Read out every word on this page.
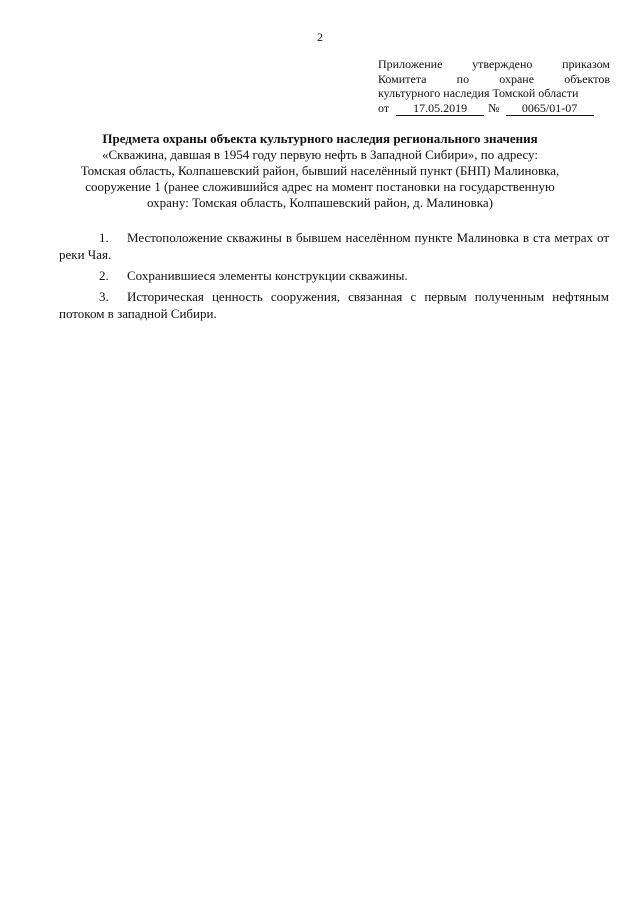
2
Приложение утверждено приказом
Комитета по охране объектов
культурного наследия Томской области
от	17.05.2019	№	0065/01-07
Предмета охраны объекта культурного наследия регионального значения
«Скважина, давшая в 1954 году первую нефть в Западной Сибири», по адресу:
Томская область, Колпашевский район, бывший населённый пункт (БНП) Малиновка,
сооружение 1 (ранее сложившийся адрес на момент постановки на государственную
охрану: Томская область, Колпашевский район, д. Малиновка)
1. Местоположение скважины в бывшем населённом пункте Малиновка в ста метрах от реки Чая.
2. Сохранившиеся элементы конструкции скважины.
3. Историческая ценность сооружения, связанная с первым полученным нефтяным потоком в западной Сибири.
